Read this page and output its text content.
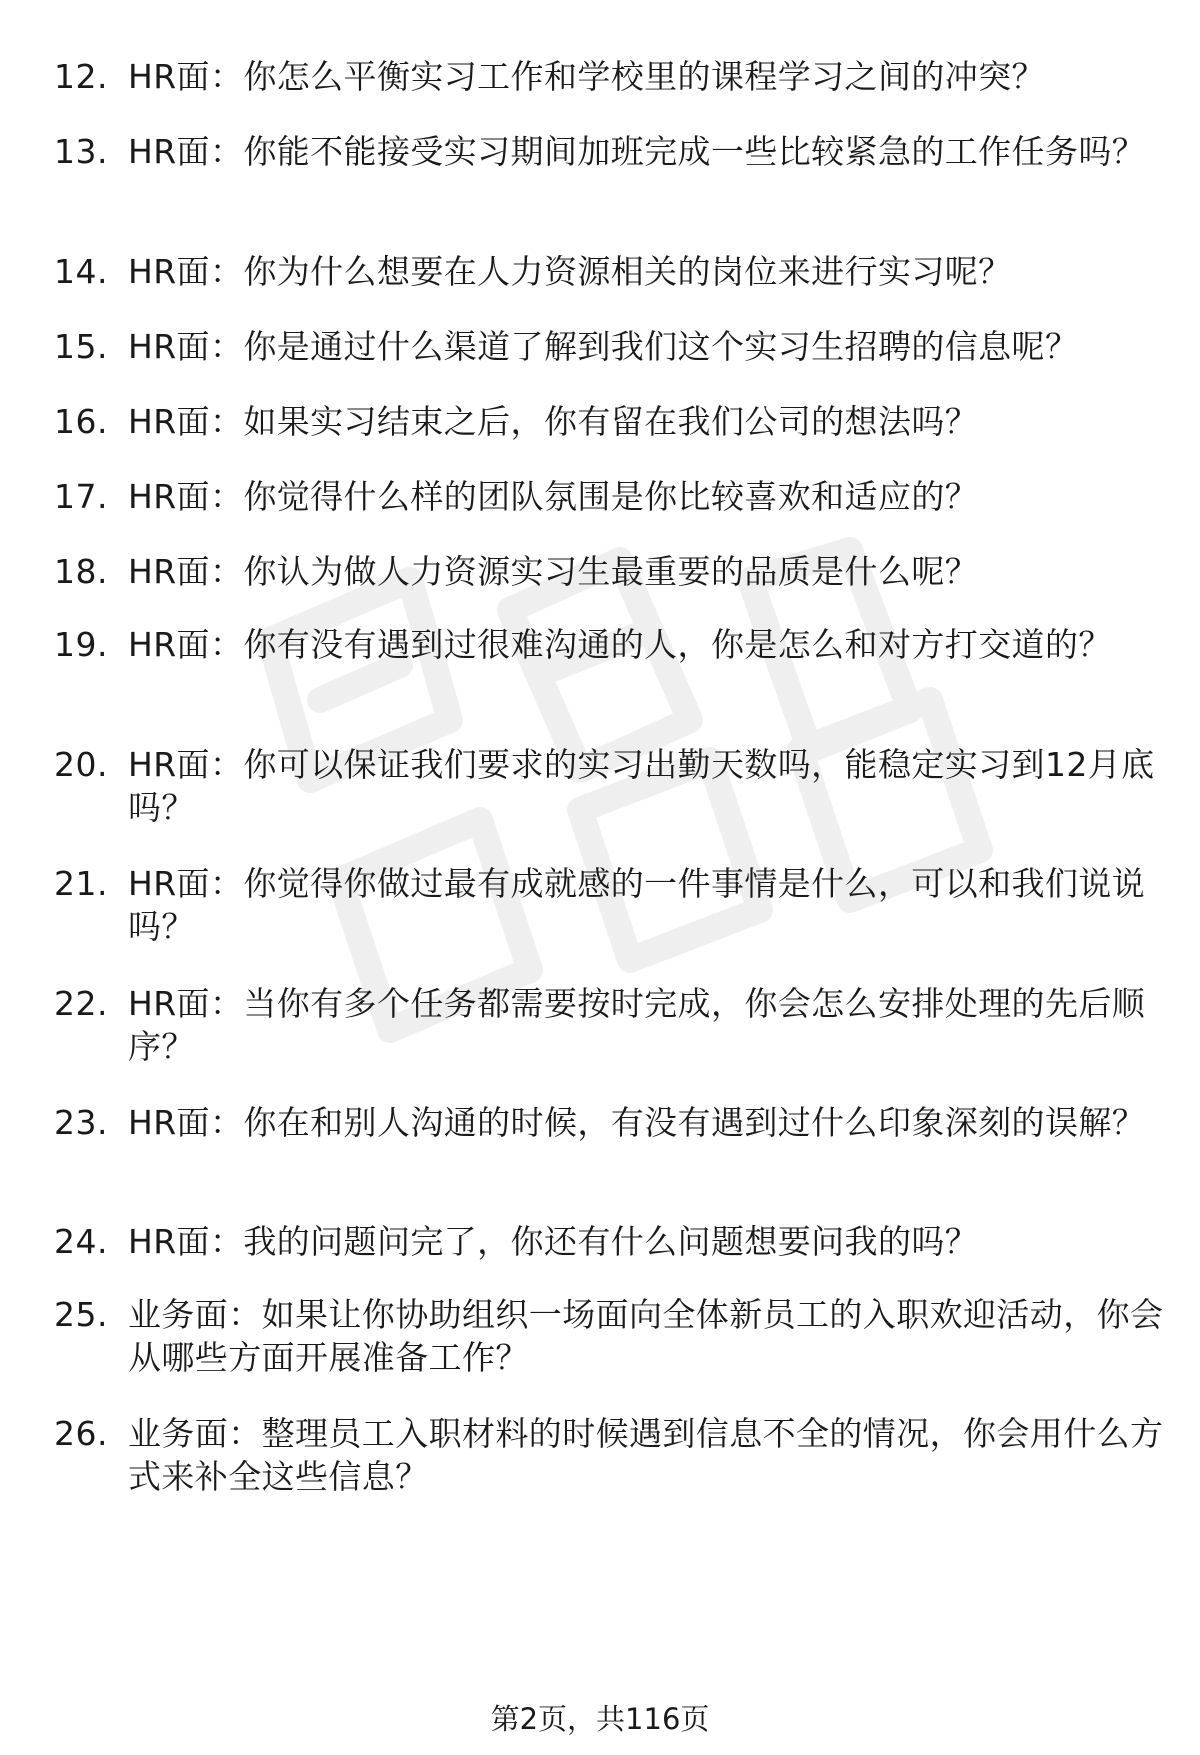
12. HR面：你怎么平衡实习工作和学校里的课程学习之间的冲突？
13. HR面：你能不能接受实习期间加班完成一些比较紧急的工作任务吗？
14. HR面：你为什么想要在人力资源相关的岗位来进行实习呢？
15. HR面：你是通过什么渠道了解到我们这个实习生招聘的信息呢？
16. HR面：如果实习结束之后，你有留在我们公司的想法吗？
17. HR面：你觉得什么样的团队氛围是你比较喜欢和适应的？
18. HR面：你认为做人力资源实习生最重要的品质是什么呢？
19. HR面：你有没有遇到过很难沟通的人，你是怎么和对方打交道的？
20. HR面：你可以保证我们要求的实习出勤天数吗，能稳定实习到12月底吗？
21. HR面：你觉得你做过最有成就感的一件事情是什么，可以和我们说说吗？
22. HR面：当你有多个任务都需要按时完成，你会怎么安排处理的先后顺序？
23. HR面：你在和别人沟通的时候，有没有遇到过什么印象深刻的误解？
24. HR面：我的问题问完了，你还有什么问题想要问我的吗？
25. 业务面：如果让你协助组织一场面向全体新员工的入职欢迎活动，你会从哪些方面开展准备工作？
26. 业务面：整理员工入职材料的时候遇到信息不全的情况，你会用什么方式来补全这些信息？
第2页，共116页
